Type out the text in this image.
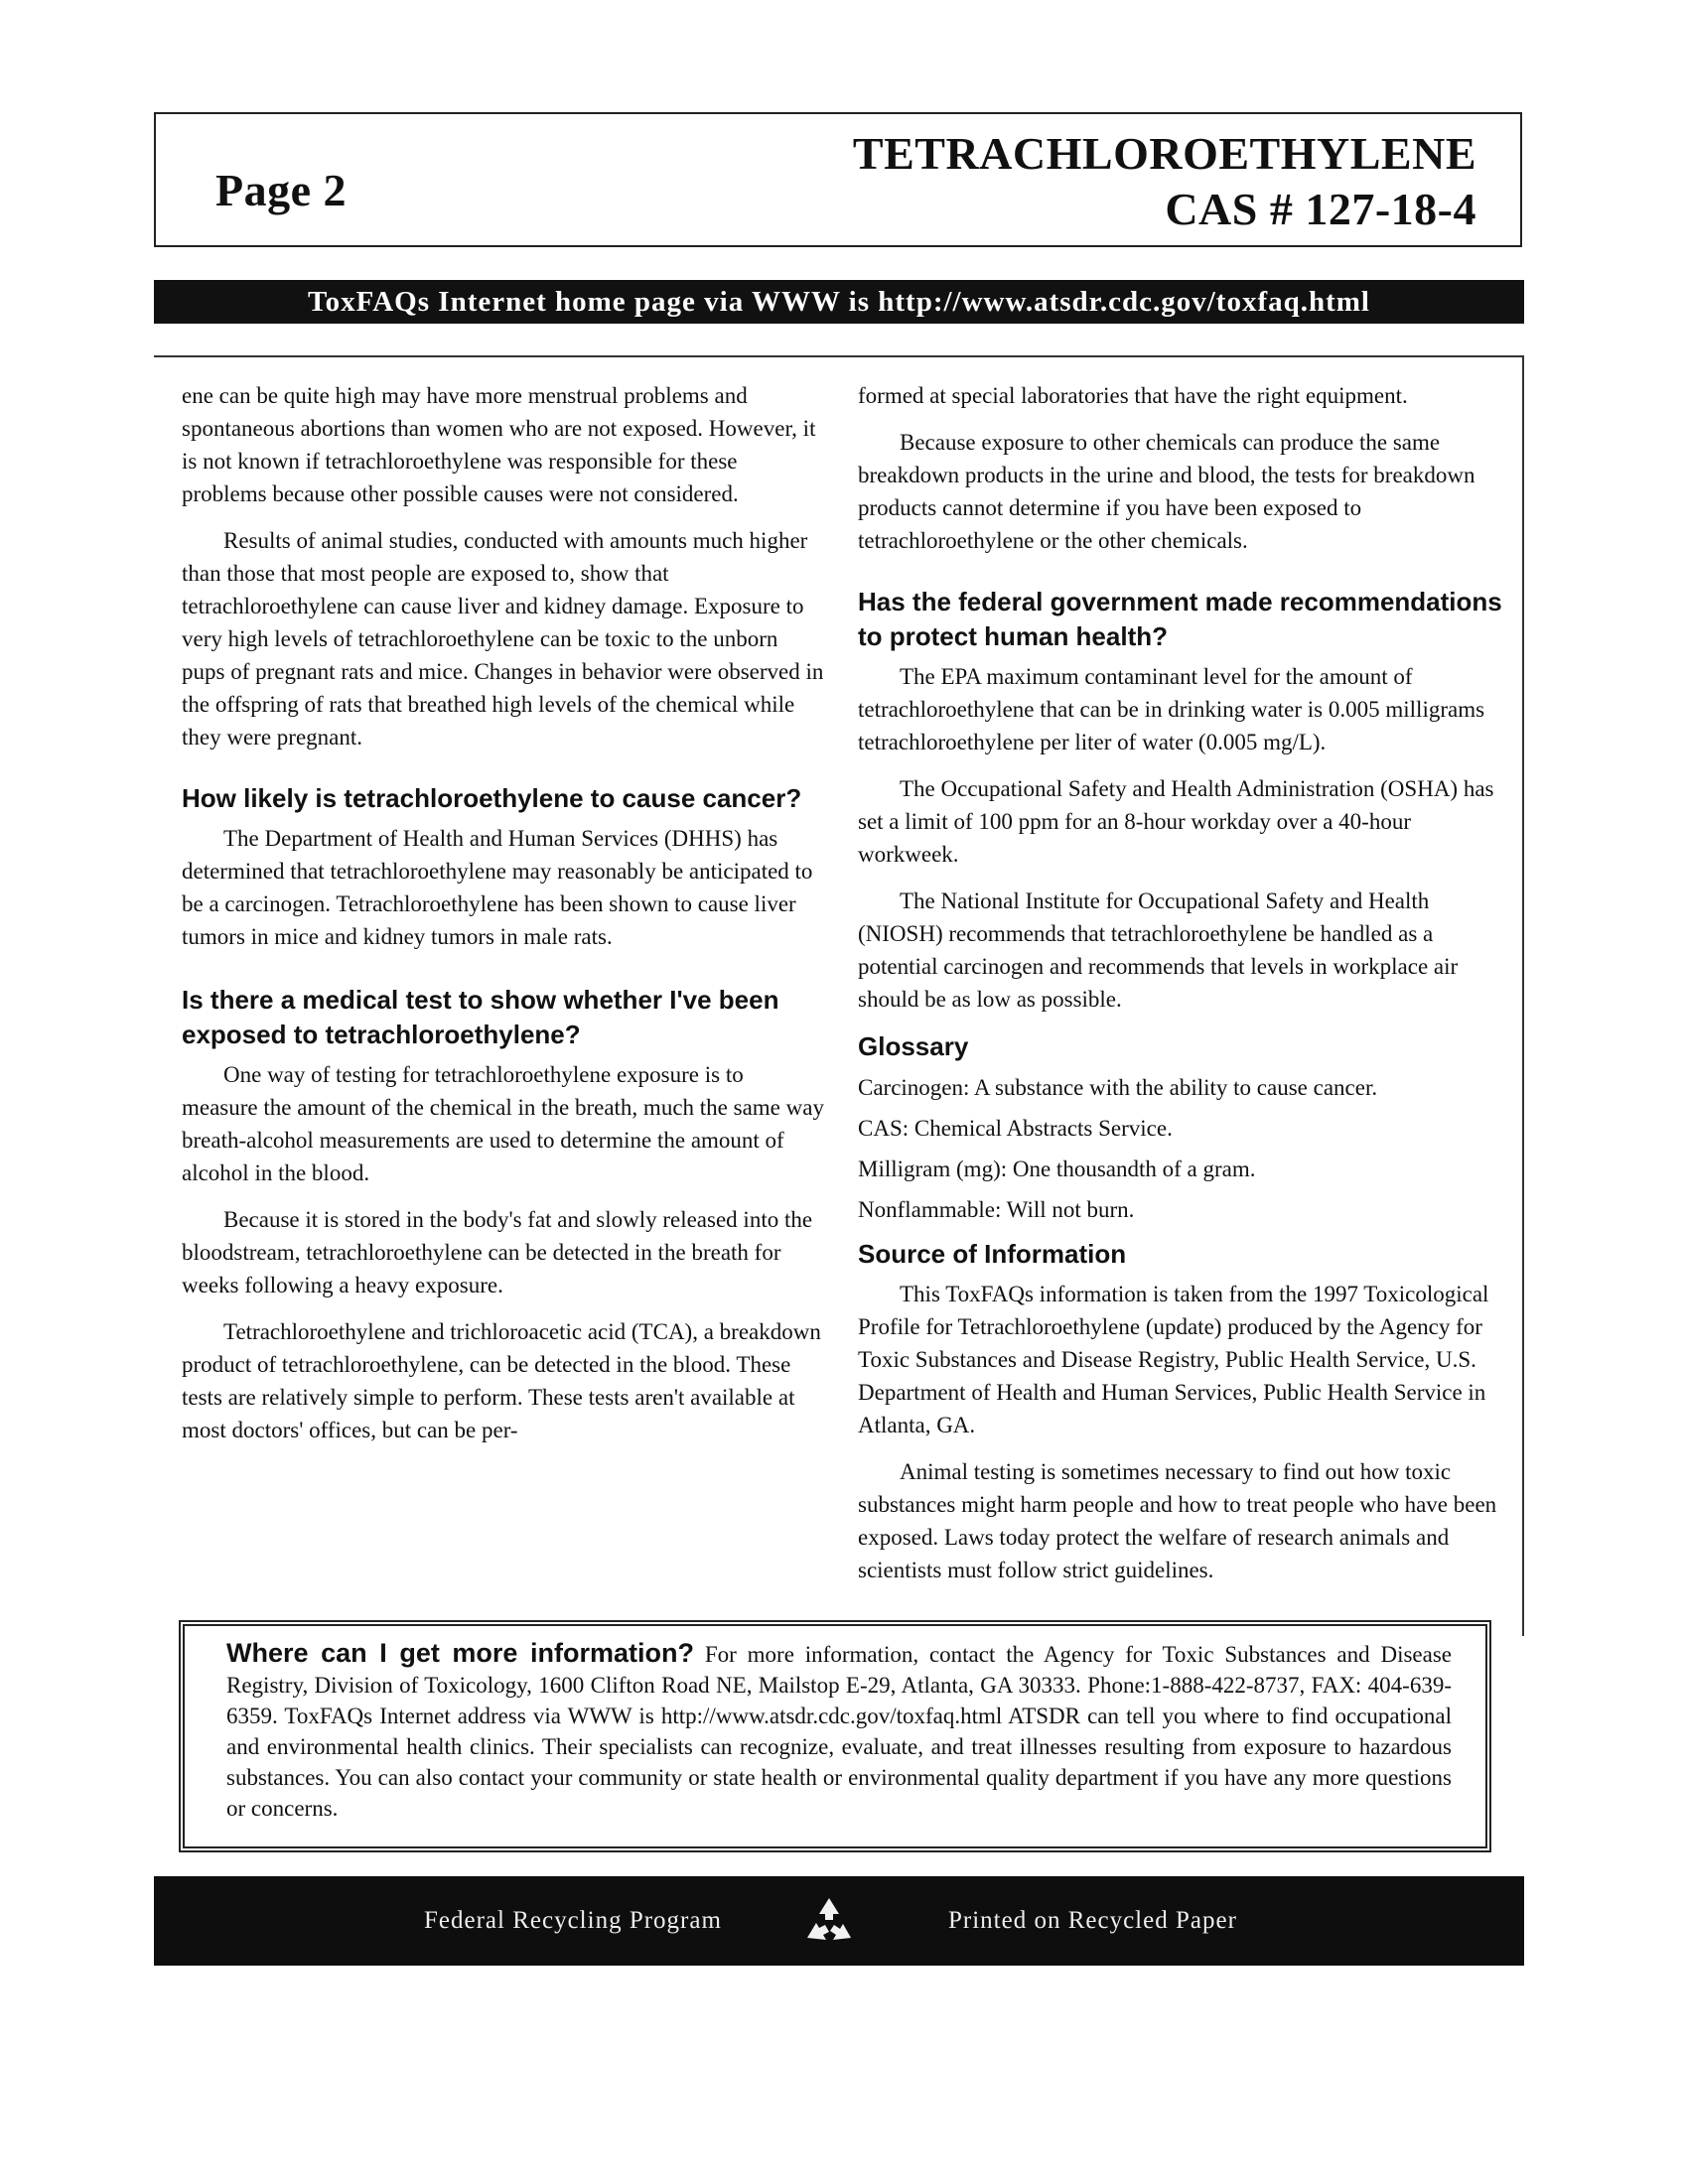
Page 2
TETRACHLOROETHYLENE
CAS # 127-18-4
ToxFAQs Internet home page via WWW is http://www.atsdr.cdc.gov/toxfaq.html

ene can be quite high may have more menstrual problems and spontaneous abortions than women who are not exposed. However, it is not known if tetrachloroethylene was responsible for these problems because other possible causes were not considered.

Results of animal studies, conducted with amounts much higher than those that most people are exposed to, show that tetrachloroethylene can cause liver and kidney damage. Exposure to very high levels of tetrachloroethylene can be toxic to the unborn pups of pregnant rats and mice. Changes in behavior were observed in the offspring of rats that breathed high levels of the chemical while they were pregnant.

How likely is tetrachloroethylene to cause cancer?

The Department of Health and Human Services (DHHS) has determined that tetrachloroethylene may reasonably be anticipated to be a carcinogen. Tetrachloroethylene has been shown to cause liver tumors in mice and kidney tumors in male rats.

Is there a medical test to show whether I've been exposed to tetrachloroethylene?

One way of testing for tetrachloroethylene exposure is to measure the amount of the chemical in the breath, much the same way breath-alcohol measurements are used to determine the amount of alcohol in the blood.

Because it is stored in the body's fat and slowly released into the bloodstream, tetrachloroethylene can be detected in the breath for weeks following a heavy exposure.

Tetrachloroethylene and trichloroacetic acid (TCA), a breakdown product of tetrachloroethylene, can be detected in the blood. These tests are relatively simple to perform. These tests aren't available at most doctors' offices, but can be per-

formed at special laboratories that have the right equipment.

Because exposure to other chemicals can produce the same breakdown products in the urine and blood, the tests for breakdown products cannot determine if you have been exposed to tetrachloroethylene or the other chemicals.

Has the federal government made recommendations to protect human health?

The EPA maximum contaminant level for the amount of tetrachloroethylene that can be in drinking water is 0.005 milligrams tetrachloroethylene per liter of water (0.005 mg/L).

The Occupational Safety and Health Administration (OSHA) has set a limit of 100 ppm for an 8-hour workday over a 40-hour workweek.

The National Institute for Occupational Safety and Health (NIOSH) recommends that tetrachloroethylene be handled as a potential carcinogen and recommends that levels in workplace air should be as low as possible.

Glossary
Carcinogen: A substance with the ability to cause cancer.
CAS: Chemical Abstracts Service.
Milligram (mg): One thousandth of a gram.
Nonflammable: Will not burn.
Source of Information

This ToxFAQs information is taken from the 1997 Toxicological Profile for Tetrachloroethylene (update) produced by the Agency for Toxic Substances and Disease Registry, Public Health Service, U.S. Department of Health and Human Services, Public Health Service in Atlanta, GA.

Animal testing is sometimes necessary to find out how toxic substances might harm people and how to treat people who have been exposed. Laws today protect the welfare of research animals and scientists must follow strict guidelines.

Where can I get more information? For more information, contact the Agency for Toxic Substances and Disease Registry, Division of Toxicology, 1600 Clifton Road NE, Mailstop E-29, Atlanta, GA 30333. Phone:1-888-422-8737, FAX: 404-639-6359. ToxFAQs Internet address via WWW is http://www.atsdr.cdc.gov/toxfaq.html ATSDR can tell you where to find occupational and environmental health clinics. Their specialists can recognize, evaluate, and treat illnesses resulting from exposure to hazardous substances. You can also contact your community or state health or environmental quality department if you have any more questions or concerns.
Federal Recycling Program	Printed on Recycled Paper
